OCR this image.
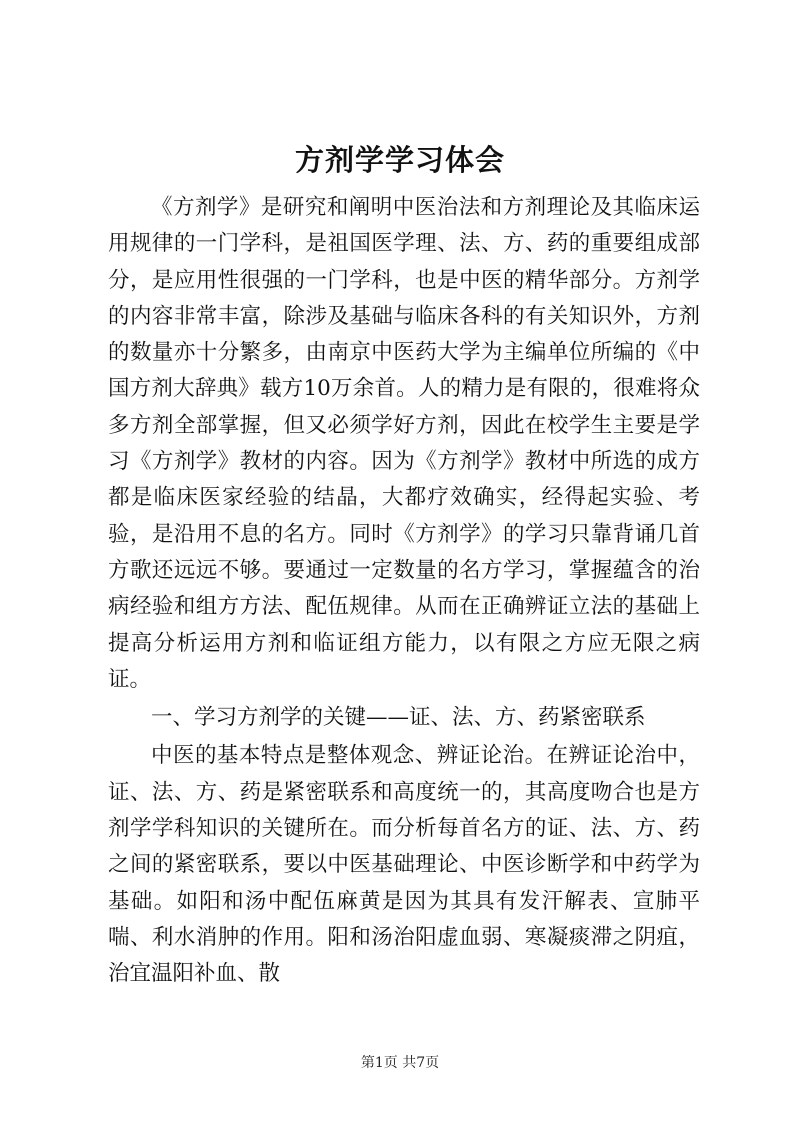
方剂学学习体会

《方剂学》是研究和阐明中医治法和方剂理论及其临床运用规律的一门学科，是祖国医学理、法、方、药的重要组成部分，是应用性很强的一门学科，也是中医的精华部分。方剂学的内容非常丰富，除涉及基础与临床各科的有关知识外，方剂的数量亦十分繁多，由南京中医药大学为主编单位所编的《中国方剂大辞典》载方10万余首。人的精力是有限的，很难将众多方剂全部掌握，但又必须学好方剂，因此在校学生主要是学习《方剂学》教材的内容。因为《方剂学》教材中所选的成方都是临床医家经验的结晶，大都疗效确实，经得起实验、考验，是沿用不息的名方。同时《方剂学》的学习只靠背诵几首方歌还远远不够。要通过一定数量的名方学习，掌握蕴含的治病经验和组方方法、配伍规律。从而在正确辨证立法的基础上提高分析运用方剂和临证组方能力，以有限之方应无限之病证。

一、学习方剂学的关键——证、法、方、药紧密联系

中医的基本特点是整体观念、辨证论治。在辨证论治中，证、法、方、药是紧密联系和高度统一的，其高度吻合也是方剂学学科知识的关键所在。而分析每首名方的证、法、方、药之间的紧密联系，要以中医基础理论、中医诊断学和中药学为基础。如阳和汤中配伍麻黄是因为其具有发汗解表、宣肺平喘、利水消肿的作用。阳和汤治阳虚血弱、寒凝痰滞之阴疽，治宜温阳补血、散

第1页 共7页
